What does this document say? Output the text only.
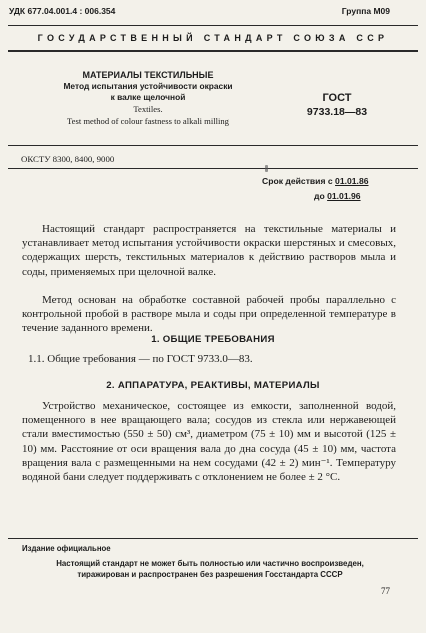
УДК 677.04.001.4 : 006.354	Группа М09
ГОСУДАРСТВЕННЫЙ СТАНДАРТ СОЮЗА ССР
МАТЕРИАЛЫ ТЕКСТИЛЬНЫЕ
Метод испытания устойчивости окраски
к валке щелочной
Textiles.
Test method of colour fastness to alkali milling
ГОСТ
9733.18—83
ОКСТУ 8300, 8400, 9000
Срок действия с 01.01.86
до 01.01.96
Настоящий стандарт распространяется на текстильные материалы и устанавливает метод испытания устойчивости окраски шерстяных и смесовых, содержащих шерсть, текстильных материалов к действию растворов мыла и соды, применяемых при щелочной валке.
Метод основан на обработке составной рабочей пробы параллельно с контрольной пробой в растворе мыла и соды при определенной температуре в течение заданного времени.
1. ОБЩИЕ ТРЕБОВАНИЯ
1.1. Общие требования — по ГОСТ 9733.0—83.
2. АППАРАТУРА, РЕАКТИВЫ, МАТЕРИАЛЫ
Устройство механическое, состоящее из емкости, заполненной водой, помещенного в нее вращающего вала; сосудов из стекла или нержавеющей стали вместимостью (550 ± 50) см³, диаметром (75 ± 10) мм и высотой (125 ± 10) мм. Расстояние от оси вращения вала до дна сосуда (45 ± 10) мм, частота вращения вала с размещенными на нем сосудами (42 ± 2) мин⁻¹. Температуру водяной бани следует поддерживать с отклонением не более ± 2 °С.
Издание официальное
Настоящий стандарт не может быть полностью или частично воспроизведен,
тиражирован и распространен без разрешения Госстандарта СССР
77
